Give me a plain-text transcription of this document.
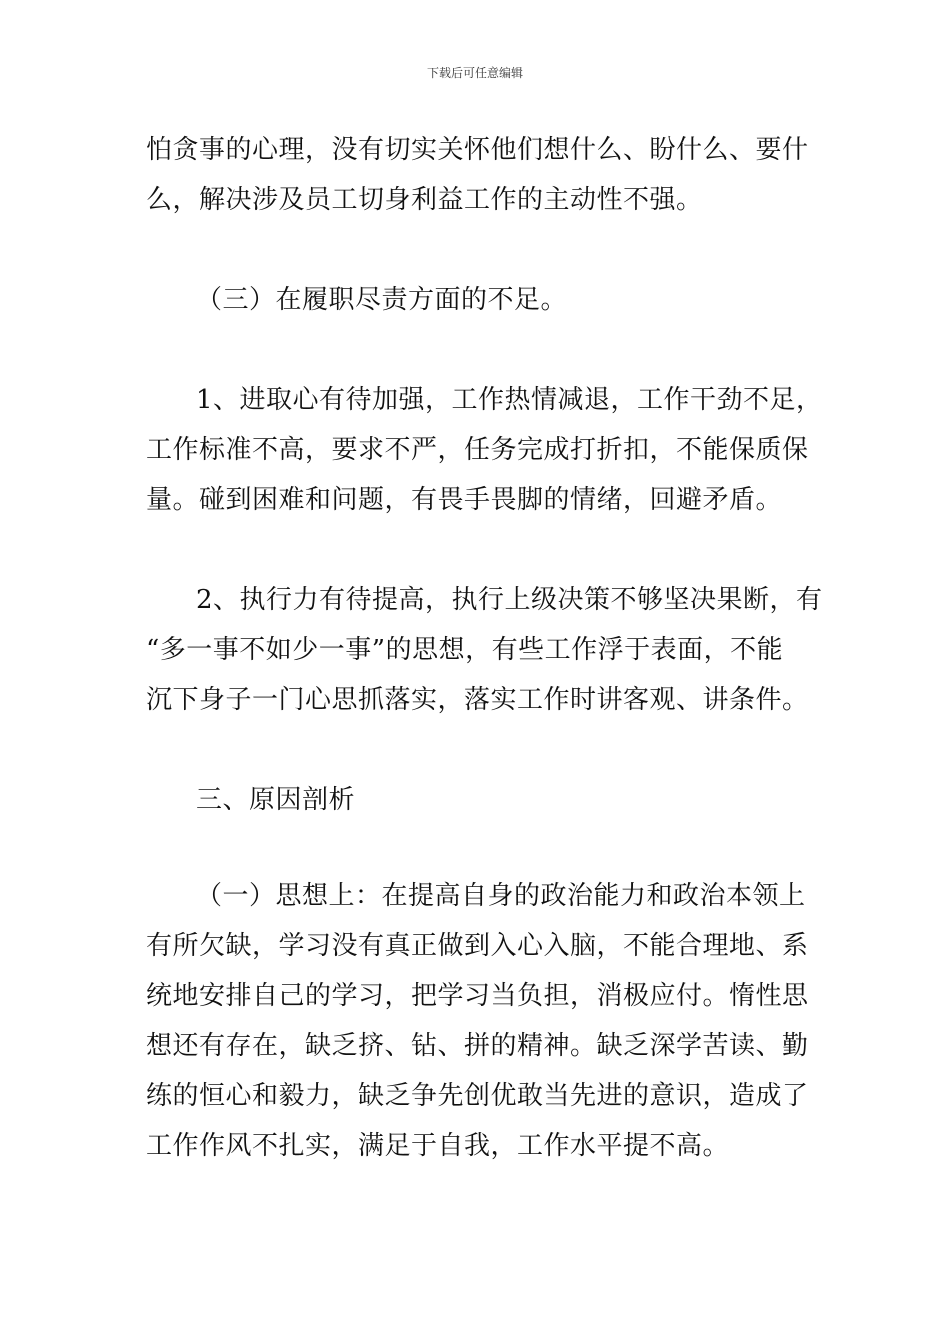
下载后可任意编辑
怕贪事的心理，没有切实关怀他们想什么、盼什么、要什
么，解决涉及员工切身利益工作的主动性不强。
（三）在履职尽责方面的不足。
1、进取心有待加强，工作热情减退，工作干劲不足，
工作标准不高，要求不严，任务完成打折扣，不能保质保
量。碰到困难和问题，有畏手畏脚的情绪，回避矛盾。
2、执行力有待提高，执行上级决策不够坚决果断，有
“多一事不如少一事”的思想，有些工作浮于表面，不能
沉下身子一门心思抓落实，落实工作时讲客观、讲条件。
三、原因剖析
（一）思想上：在提高自身的政治能力和政治本领上
有所欠缺，学习没有真正做到入心入脑，不能合理地、系
统地安排自己的学习，把学习当负担，消极应付。惰性思
想还有存在，缺乏挤、钻、拼的精神。缺乏深学苦读、勤
练的恒心和毅力，缺乏争先创优敢当先进的意识，造成了
工作作风不扎实，满足于自我，工作水平提不高。
